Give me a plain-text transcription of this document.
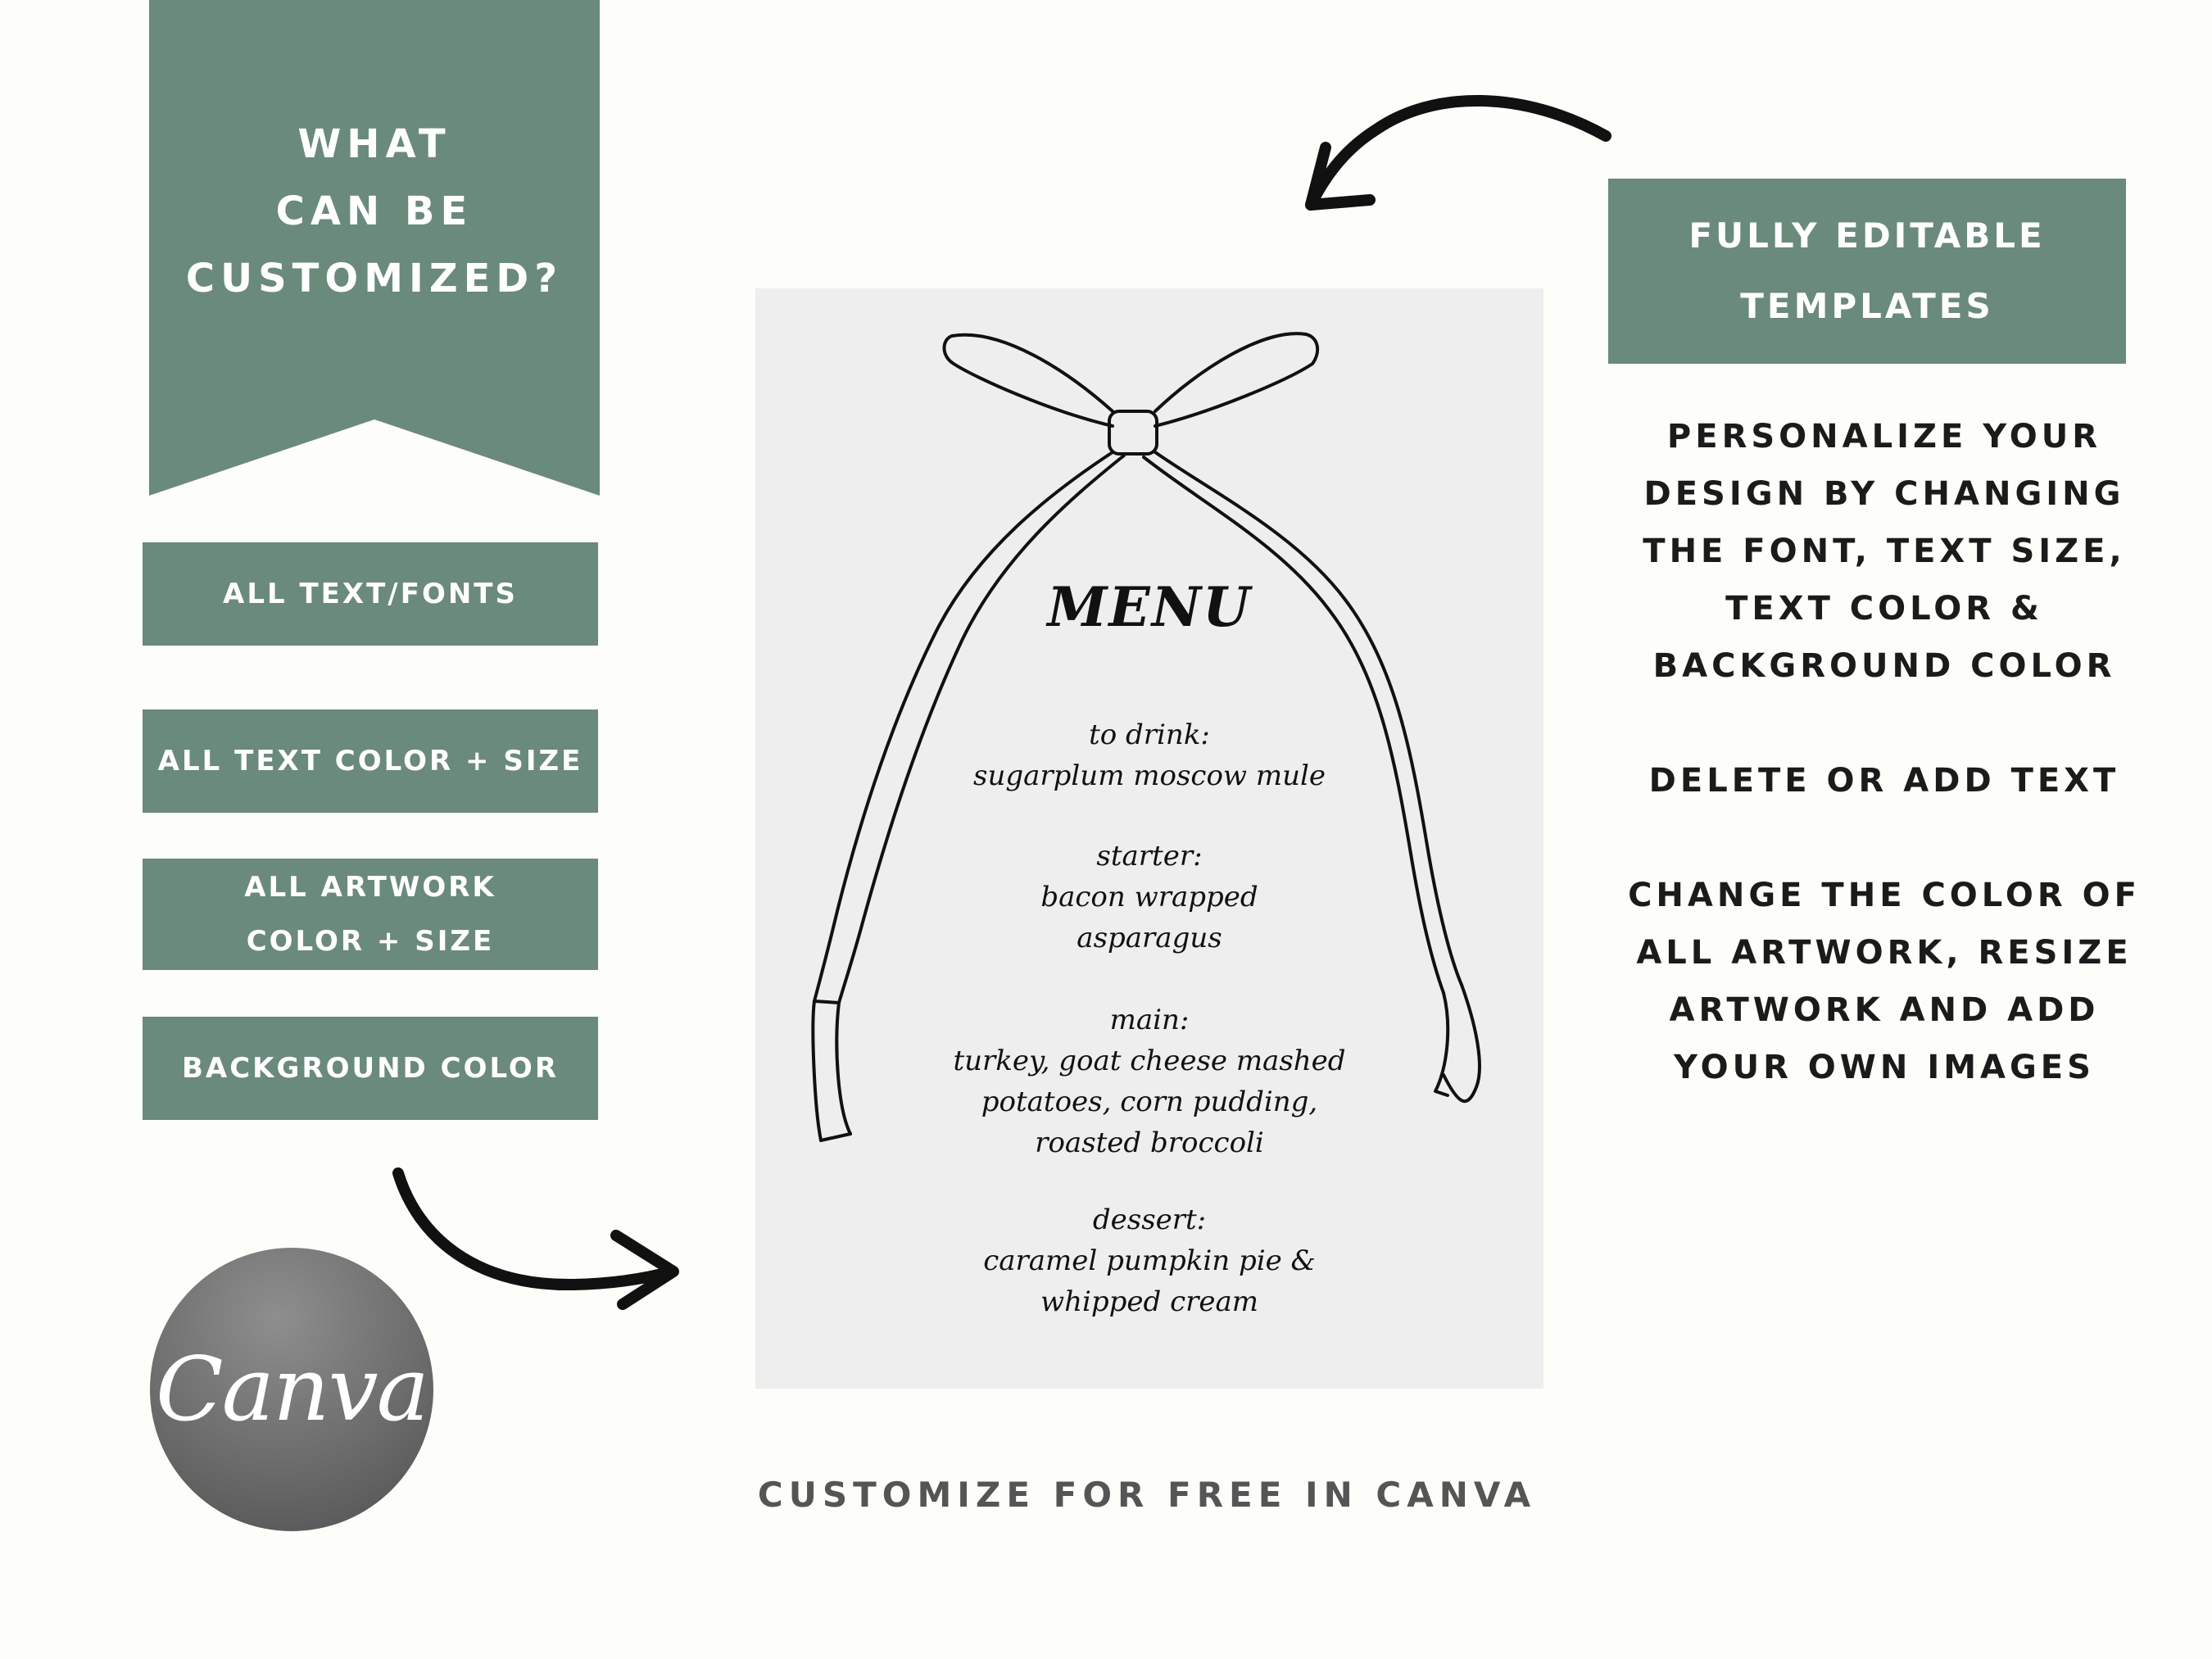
WHAT
CAN BE
CUSTOMIZED?
ALL TEXT/FONTS
ALL TEXT COLOR + SIZE
ALL ARTWORK
COLOR + SIZE
BACKGROUND COLOR
MENU
to drink:
sugarplum moscow mule
starter:
bacon wrapped
asparagus
main:
turkey, goat cheese mashed
potatoes, corn pudding,
roasted broccoli
dessert:
caramel pumpkin pie &
whipped cream
FULLY EDITABLE
TEMPLATES
PERSONALIZE YOUR
DESIGN BY CHANGING
THE FONT, TEXT SIZE,
TEXT COLOR &
BACKGROUND COLOR
DELETE OR ADD TEXT
CHANGE THE COLOR OF
ALL ARTWORK, RESIZE
ARTWORK AND ADD
YOUR OWN IMAGES
Canva
CUSTOMIZE FOR FREE IN CANVA
